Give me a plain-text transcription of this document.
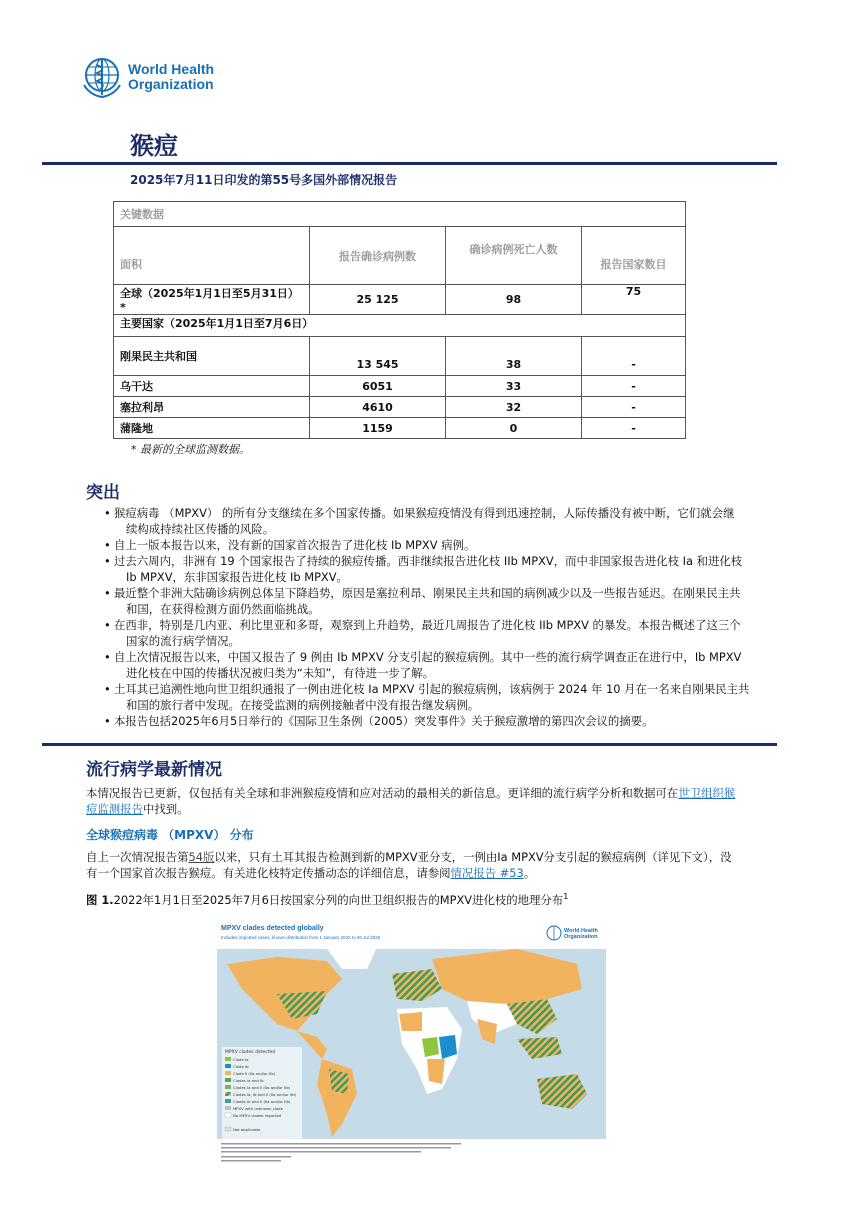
World Health
Organization
猴痘
2025年7月11日印发的第55号多国外部情况报告
关键数据			
面积	报告确诊病例数	确诊病例死亡人数	报告国家数目
全球（2025年1月1日至5月31日）*	25 125	98	75
主要国家（2025年1月1日至7月6日）			
刚果民主共和国	13 545	38	-
乌干达	6051	33	-
塞拉利昂	4610	32	-
蒲隆地	1159	0	-
* 最新的全球监测数据。
突出
• 猴痘病毒 （MPXV） 的所有分支继续在多个国家传播。如果猴痘疫情没有得到迅速控制，人际传播没有被中断，它们就会继
续构成持续社区传播的风险。
• 自上一版本报告以来，没有新的国家首次报告了进化枝 Ib MPXV 病例。
• 过去六周内，非洲有 19 个国家报告了持续的猴痘传播。西非继续报告进化枝 IIb MPXV，而中非国家报告进化枝 Ia 和进化枝
Ib MPXV，东非国家报告进化枝 Ib MPXV。
• 最近整个非洲大陆确诊病例总体呈下降趋势，原因是塞拉利昂、刚果民主共和国的病例减少以及一些报告延迟。在刚果民主共
和国，在获得检测方面仍然面临挑战。
• 在西非，特别是几内亚、利比里亚和多哥，观察到上升趋势，最近几周报告了进化枝 IIb MPXV 的暴发。本报告概述了这三个
国家的流行病学情况。
• 自上次情况报告以来，中国又报告了 9 例由 Ib MPXV 分支引起的猴痘病例。其中一些的流行病学调查正在进行中，Ib MPXV
进化枝在中国的传播状况被归类为“未知”，有待进一步了解。
• 土耳其已追溯性地向世卫组织通报了一例由进化枝 Ia MPXV 引起的猴痘病例，该病例于 2024 年 10 月在一名来自刚果民主共
和国的旅行者中发现。在接受监测的病例接触者中没有报告继发病例。
• 本报告包括2025年6月5日举行的《国际卫生条例（2005）突发事件》关于猴痘激增的第四次会议的摘要。
流行病学最新情况
本情况报告已更新，仅包括有关全球和非洲猴痘疫情和应对活动的最相关的新信息。更详细的流行病学分析和数据可在世卫组织猴
痘监测报告中找到。
全球猴痘病毒 （MPXV） 分布
自上一次情况报告第54版以来，只有土耳其报告检测到新的MPXV亚分支，一例由Ia MPXV分支引起的猴痘病例（详见下文），没
有一个国家首次报告猴痘。有关进化枝特定传播动态的详细信息，请参阅情况报告 #53。
图 1.2022年1月1日至2025年7月6日按国家分列的向世卫组织报告的MPXV进化枝的地理分布$^1$
MPXV clades detected
Clade Ia
Clade Ib
Clade II (Ila and/or IIb)
Clades Ia and Ib
Clades Ia and II (Ila and/or IIb)
Clades Ia, Ib and II (Ila and/or IIb)
Clades Ib and II (Ila and/or IIb)
MPXV with unknown clade
No MPXV clades reported
Not applicable
MPXV clades detected globally
Includes imported cases, known distribution from 1 January 2022 to 06 Jul 2025
World Health
Organization
